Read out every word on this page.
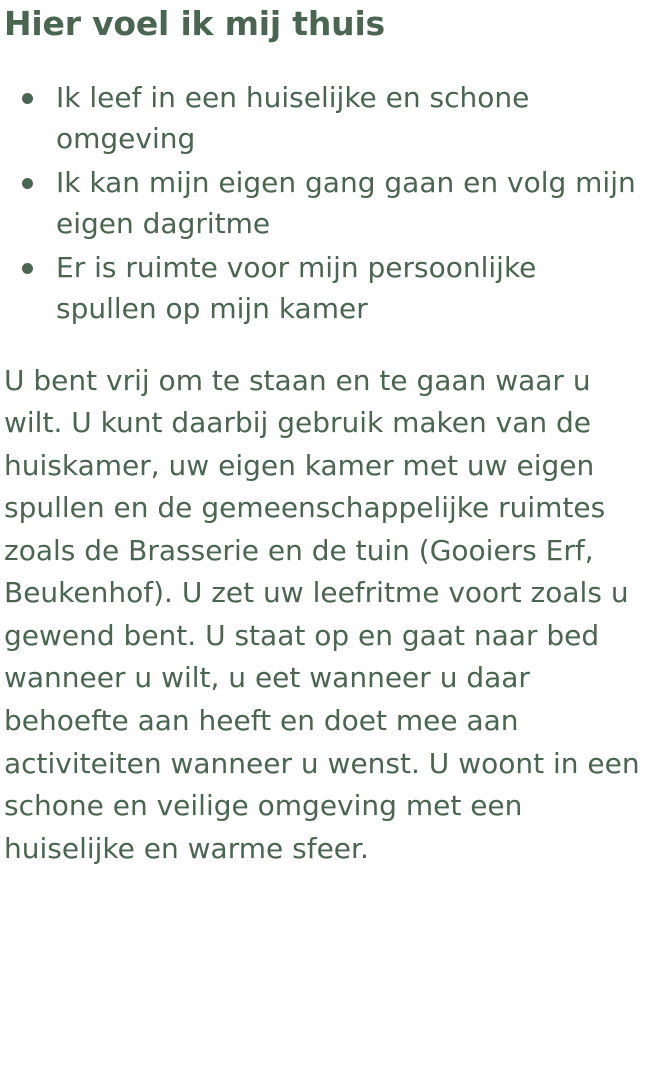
Hier voel ik mij thuis
Ik leef in een huiselijke en schone omgeving
Ik kan mijn eigen gang gaan en volg mijn eigen dagritme
Er is ruimte voor mijn persoonlijke spullen op mijn kamer

U bent vrij om te staan en te gaan waar u wilt. U kunt daarbij gebruik maken van de huiskamer, uw eigen kamer met uw eigen spullen en de gemeenschappelijke ruimtes zoals de Brasserie en de tuin (Gooiers Erf, Beukenhof). U zet uw leefritme voort zoals u gewend bent. U staat op en gaat naar bed wanneer u wilt, u eet wanneer u daar behoefte aan heeft en doet mee aan activiteiten wanneer u wenst. U woont in een schone en veilige omgeving met een huiselijke en warme sfeer.
